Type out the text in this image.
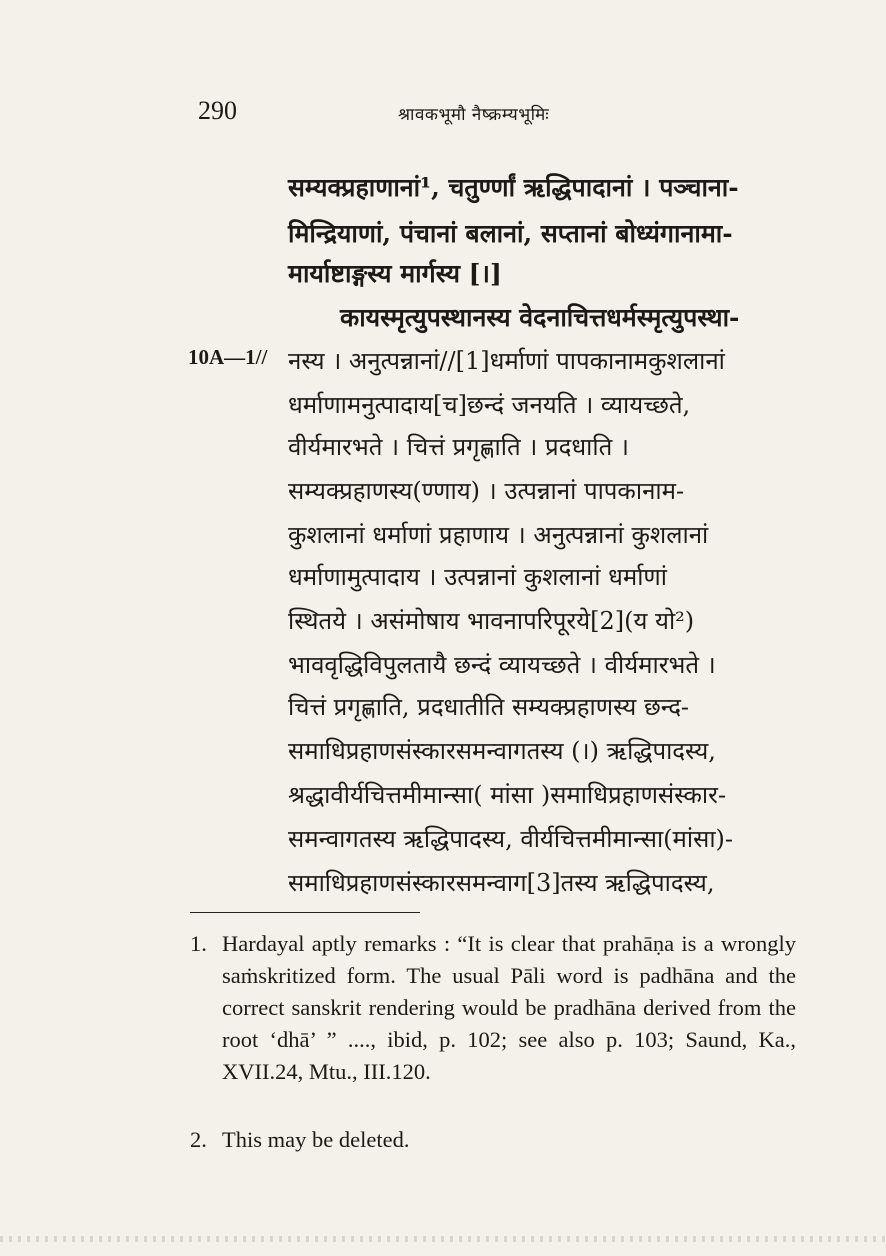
290	श्रावकभूमौ नैष्क्रम्यभूमिः
10A—1//
सम्यक्प्रहाणानां¹, चतुर्ण्णां ऋद्धिपादानां । पञ्चाना-
मिन्द्रियाणां, पंचानां बलानां, सप्तानां बोध्यंगानामा-
मार्याष्टाङ्गस्य मार्गस्य [।]
कायस्मृत्युपस्थानस्य वेदनाचित्तधर्मस्मृत्युपस्था-
नस्य । अनुत्पन्नानां//[1]धर्माणां पापकानामकुशलानां
धर्माणामनुत्पादाय[च]छन्दं जनयति । व्यायच्छते,
वीर्यमारभते । चित्तं प्रगृह्णाति । प्रदधाति ।
सम्यक्प्रहाणस्य(ण्णाय) । उत्पन्नानां पापकानाम-
कुशलानां धर्माणां प्रहाणाय । अनुत्पन्नानां कुशलानां
धर्माणामुत्पादाय । उत्पन्नानां कुशलानां धर्माणां
स्थितये । असंमोषाय भावनापरिपूरये[2](य यो²)
भाववृद्धिविपुलतायै छन्दं व्यायच्छते । वीर्यमारभते ।
चित्तं प्रगृह्णाति, प्रदधातीति सम्यक्प्रहाणस्य छन्द-
समाधिप्रहाणसंस्कारसमन्वागतस्य (।) ऋद्धिपादस्य,
श्रद्धावीर्यचित्तमीमान्सा( मांसा )समाधिप्रहाणसंस्कार-
समन्वागतस्य ऋद्धिपादस्य, वीर्यचित्तमीमान्सा(मांसा)-
समाधिप्रहाणसंस्कारसमन्वाग[3]तस्य ऋद्धिपादस्य,
1. Hardayal aptly remarks : “It is clear that prahāṇa is a wrongly saṁskritized form. The usual Pāli word is padhāna and the correct sanskrit rendering would be pradhāna derived from the root ‘dhā’ ” ...., ibid, p. 102; see also p. 103; Saund, Ka., XVII.24, Mtu., III.120.
2. This may be deleted.
